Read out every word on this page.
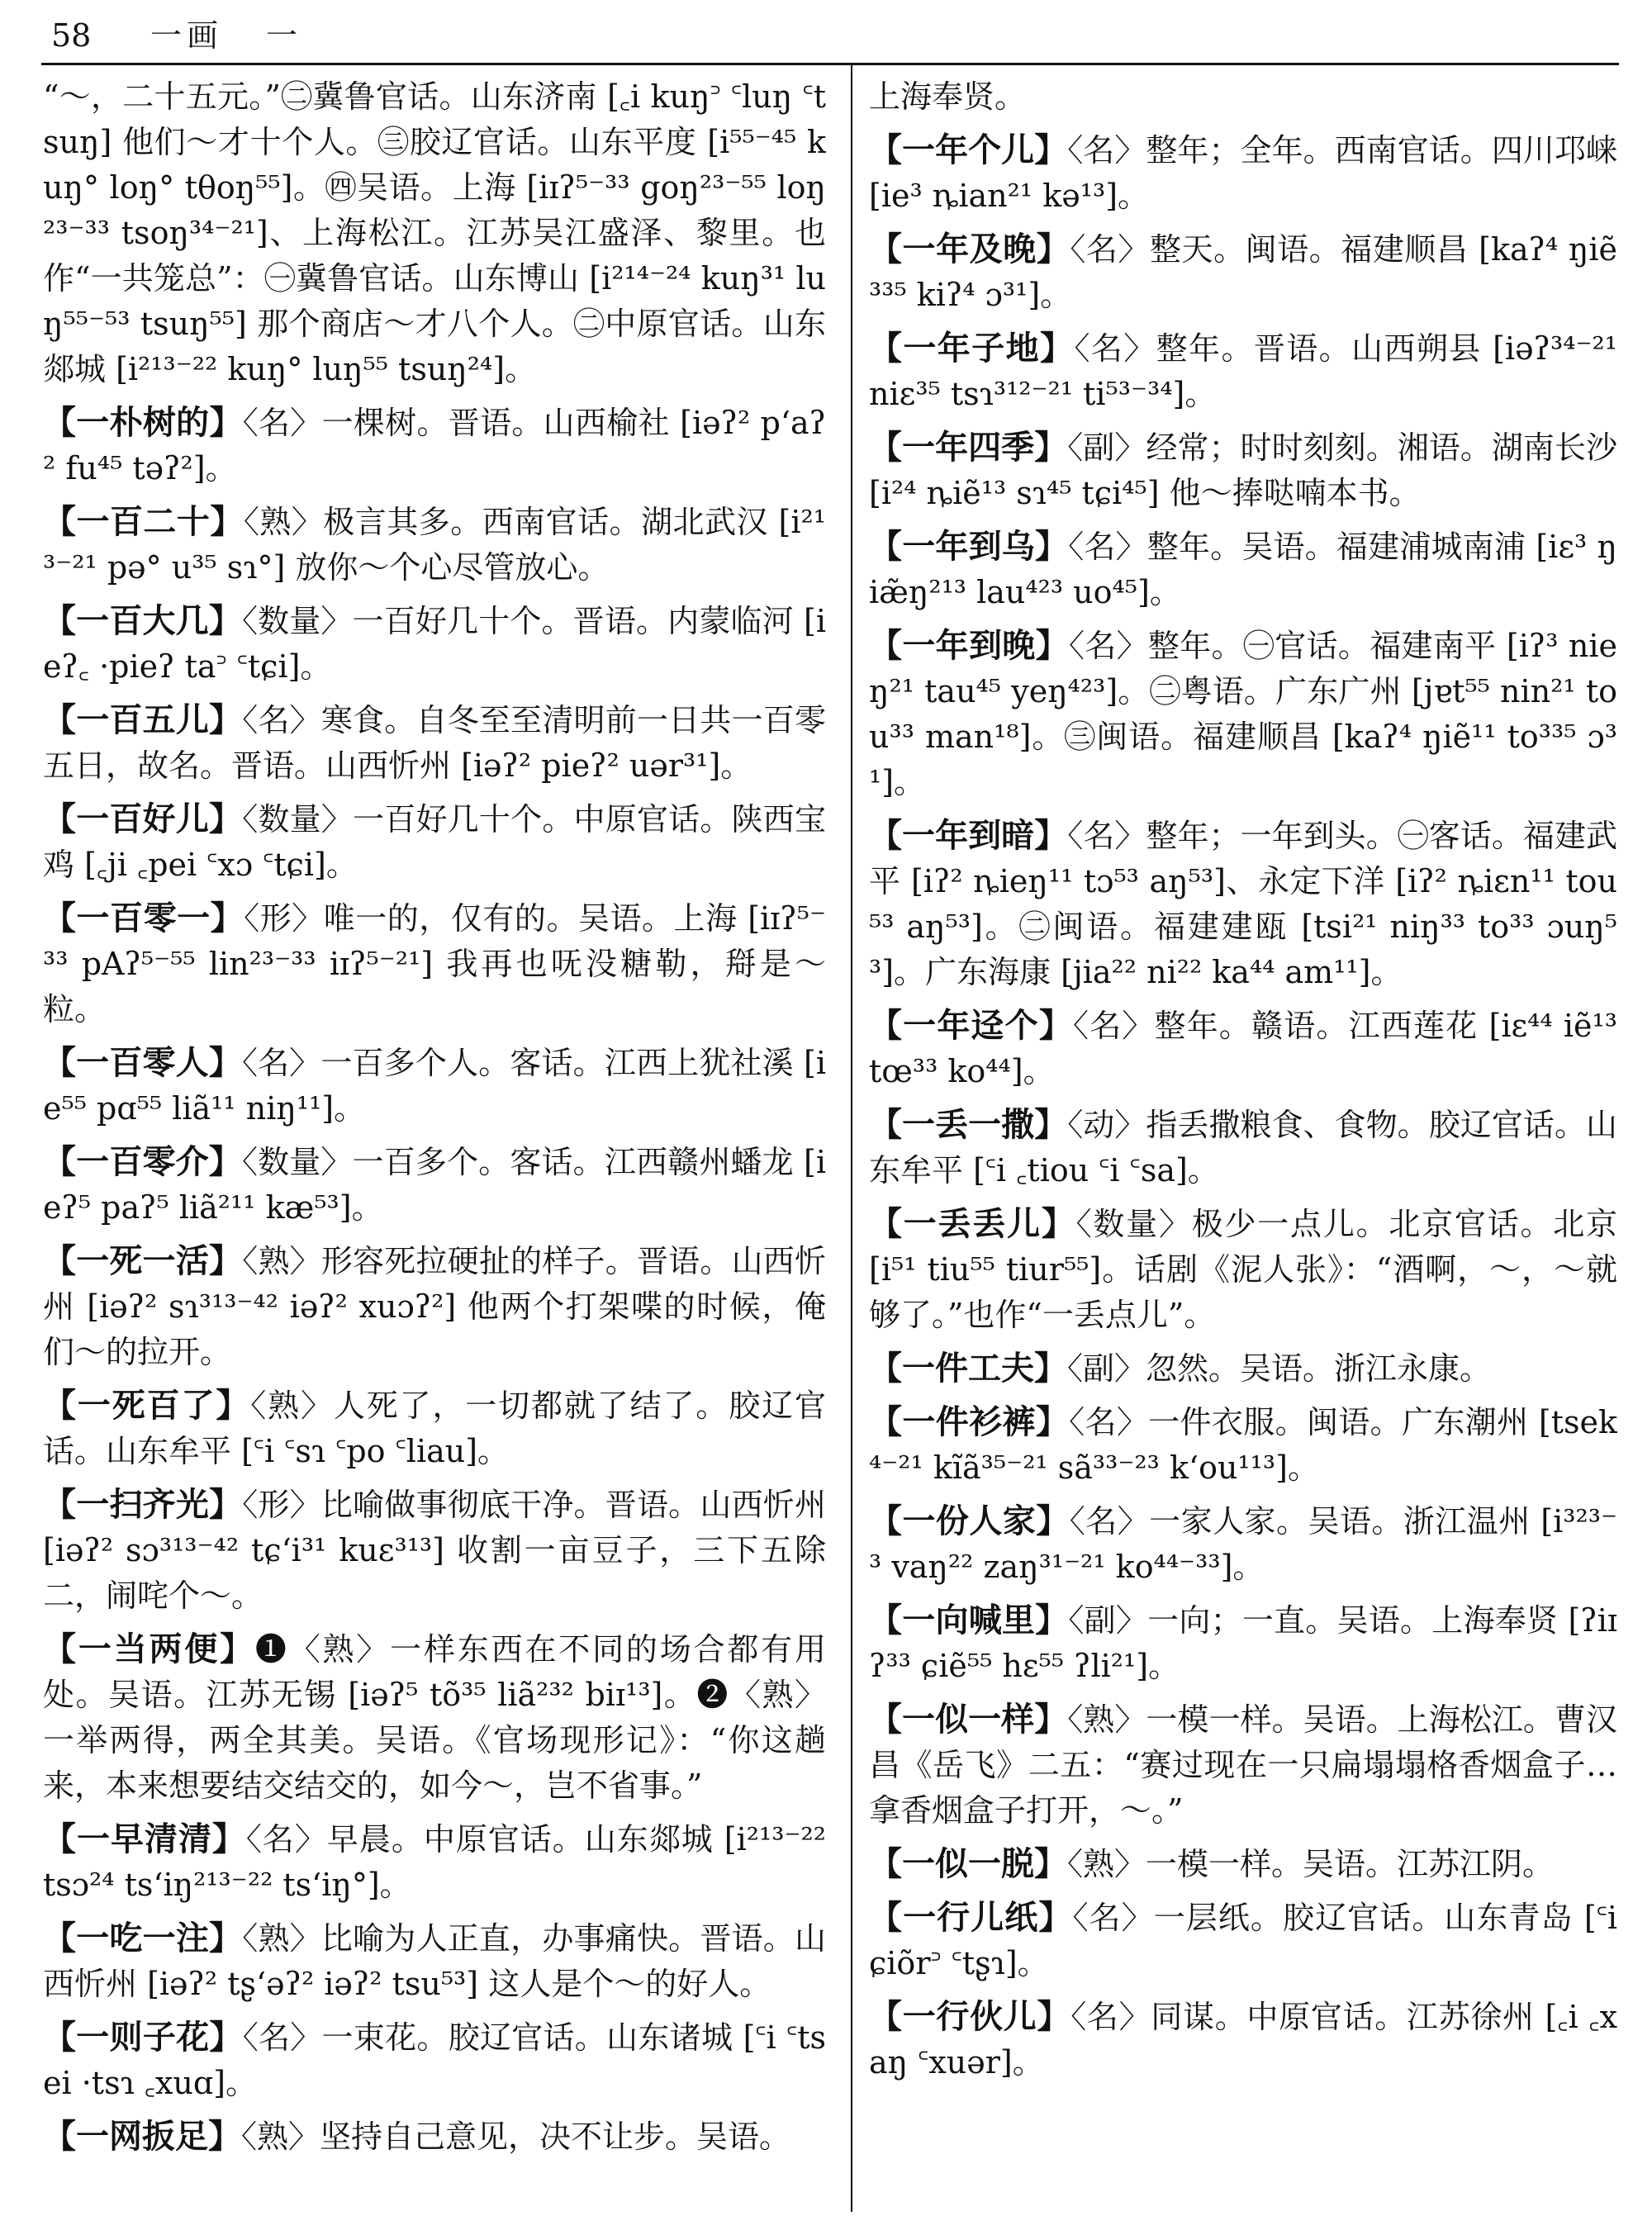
58 一画 一
“～，二十五元。”㊁冀鲁官话。山东济南 [꜀i kuŋ꜄ ꜂luŋ ꜂tsuŋ] 他们～才十个人。㊂胶辽官话。山东平度 [i⁵⁵⁻⁴⁵ kuŋ° loŋ° tθoŋ⁵⁵]。㊃吴语。上海 [iɪʔ⁵⁻³³ goŋ²³⁻⁵⁵ loŋ²³⁻³³ tsoŋ³⁴⁻²¹]、上海松江。江苏吴江盛泽、黎里。也作“一共笼总”：㊀冀鲁官话。山东博山 [i²¹⁴⁻²⁴ kuŋ³¹ luŋ⁵⁵⁻⁵³ tsuŋ⁵⁵] 那个商店～才八个人。㊁中原官话。山东郯城 [i²¹³⁻²² kuŋ° luŋ⁵⁵ tsuŋ²⁴]。
【一朴树的】〈名〉一棵树。晋语。山西榆社 [iəʔ² pʻaʔ² fu⁴⁵ təʔ²]。
【一百二十】〈熟〉极言其多。西南官话。湖北武汉 [i²¹³⁻²¹ pə° u³⁵ sɿ°] 放你～个心尽管放心。
【一百大几】〈数量〉一百好几十个。晋语。内蒙临河 [ieʔ꜀ ·pieʔ ta꜄ ꜂tɕi]。
【一百五儿】〈名〉寒食。自冬至至清明前一日共一百零五日，故名。晋语。山西忻州 [iəʔ² pieʔ² uər³¹]。
【一百好儿】〈数量〉一百好几十个。中原官话。陕西宝鸡 [꜀ji ꜀pei ꜂xɔ ꜂tɕi]。
【一百零一】〈形〉唯一的，仅有的。吴语。上海 [iɪʔ⁵⁻³³ pAʔ⁵⁻⁵⁵ lin²³⁻³³ iɪʔ⁵⁻²¹] 我再也呒没糖勒，搿是～粒。
【一百零人】〈名〉一百多个人。客话。江西上犹社溪 [ie⁵⁵ pɑ⁵⁵ liã¹¹ niŋ¹¹]。
【一百零介】〈数量〉一百多个。客话。江西赣州蟠龙 [ieʔ⁵ paʔ⁵ liã²¹¹ kæ⁵³]。
【一死一活】〈熟〉形容死拉硬扯的样子。晋语。山西忻州 [iəʔ² sɿ³¹³⁻⁴² iəʔ² xuɔʔ²] 他两个打架喋的时候，俺们～的拉开。
【一死百了】〈熟〉人死了，一切都就了结了。胶辽官话。山东牟平 [꜂i ꜂sɿ ꜂po ꜂liau]。
【一扫齐光】〈形〉比喻做事彻底干净。晋语。山西忻州 [iəʔ² sɔ³¹³⁻⁴² tɕʻi³¹ kuɛ³¹³] 收割一亩豆子，三下五除二，闹咤个～。
【一当两便】❶〈熟〉一样东西在不同的场合都有用处。吴语。江苏无锡 [iəʔ⁵ tõ³⁵ liã²³² biɪ¹³]。❷〈熟〉一举两得，两全其美。吴语。《官场现形记》：“你这趟来，本来想要结交结交的，如今～，岂不省事。”
【一早清清】〈名〉早晨。中原官话。山东郯城 [i²¹³⁻²² tsɔ²⁴ tsʻiŋ²¹³⁻²² tsʻiŋ°]。
【一吃一注】〈熟〉比喻为人正直，办事痛快。晋语。山西忻州 [iəʔ² tʂʻəʔ² iəʔ² tsu⁵³] 这人是个～的好人。
【一则子花】〈名〉一束花。胶辽官话。山东诸城 [꜂i ꜂tsei ·tsɿ ꜀xuɑ]。
【一网扳足】〈熟〉坚持自己意见，决不让步。吴语。
上海奉贤。
【一年个儿】〈名〉整年；全年。西南官话。四川邛崃 [ie³ ȵian²¹ kə¹³]。
【一年及晚】〈名〉整天。闽语。福建顺昌 [kaʔ⁴ ŋiẽ³³⁵ kiʔ⁴ ɔ³¹]。
【一年子地】〈名〉整年。晋语。山西朔县 [iəʔ³⁴⁻²¹ niɛ³⁵ tsɿ³¹²⁻²¹ ti⁵³⁻³⁴]。
【一年四季】〈副〉经常；时时刻刻。湘语。湖南长沙 [i²⁴ ȵiẽ¹³ sɿ⁴⁵ tɕi⁴⁵] 他～捧哒喃本书。
【一年到乌】〈名〉整年。吴语。福建浦城南浦 [iɛ³ ŋiæ̃ŋ²¹³ lau⁴²³ uo⁴⁵]。
【一年到晚】〈名〉整年。㊀官话。福建南平 [iʔ³ nieŋ²¹ tau⁴⁵ yeŋ⁴²³]。㊁粤语。广东广州 [jɐt⁵⁵ nin²¹ tou³³ man¹⁸]。㊂闽语。福建顺昌 [kaʔ⁴ ŋiẽ¹¹ to³³⁵ ɔ³¹]。
【一年到暗】〈名〉整年；一年到头。㊀客话。福建武平 [iʔ² ȵieŋ¹¹ tɔ⁵³ aŋ⁵³]、永定下洋 [iʔ² ȵiɛn¹¹ tou⁵³ aŋ⁵³]。㊁闽语。福建建瓯 [tsi²¹ niŋ³³ to³³ ɔuŋ⁵³]。广东海康 [jia²² ni²² ka⁴⁴ am¹¹]。
【一年迳个】〈名〉整年。赣语。江西莲花 [iɛ⁴⁴ iẽ¹³ tœ³³ ko⁴⁴]。
【一丢一撒】〈动〉指丢撒粮食、食物。胶辽官话。山东牟平 [꜂i ꜀tiou ꜂i ꜂sa]。
【一丢丢儿】〈数量〉极少一点儿。北京官话。北京 [i⁵¹ tiu⁵⁵ tiur⁵⁵]。话剧《泥人张》：“酒啊，～，～就够了。”也作“一丢点儿”。
【一件工夫】〈副〉忽然。吴语。浙江永康。
【一件衫裤】〈名〉一件衣服。闽语。广东潮州 [tsek⁴⁻²¹ kĩã³⁵⁻²¹ sã³³⁻²³ kʻou¹¹³]。
【一份人家】〈名〉一家人家。吴语。浙江温州 [i³²³⁻³ vaŋ²² zaŋ³¹⁻²¹ ko⁴⁴⁻³³]。
【一向喊里】〈副〉一向；一直。吴语。上海奉贤 [ʔiɪʔ³³ ɕiẽ⁵⁵ hɛ⁵⁵ ʔli²¹]。
【一似一样】〈熟〉一模一样。吴语。上海松江。曹汉昌《岳飞》二五：“赛过现在一只扁塌塌格香烟盒子…拿香烟盒子打开，～。”
【一似一脱】〈熟〉一模一样。吴语。江苏江阴。
【一行儿纸】〈名〉一层纸。胶辽官话。山东青岛 [꜂i ɕiõr꜄ ꜂tʂɿ]。
【一行伙儿】〈名〉同谋。中原官话。江苏徐州 [꜀i ꜀xaŋ ꜂xuər]。
